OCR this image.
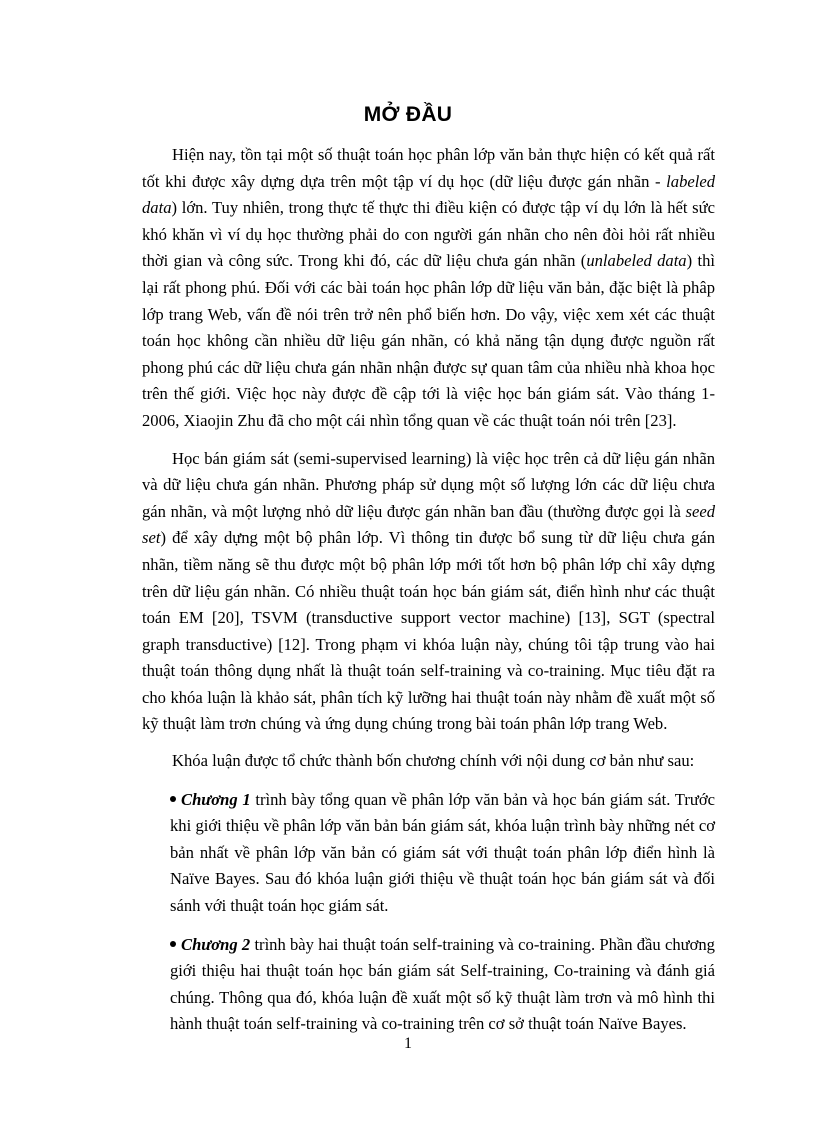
MỞ ĐẦU

Hiện nay, tồn tại một số thuật toán học phân lớp văn bản thực hiện có kết quả rất tốt khi được xây dựng dựa trên một tập ví dụ học (dữ liệu được gán nhãn - labeled data) lớn. Tuy nhiên, trong thực tế thực thi điều kiện có được tập ví dụ lớn là hết sức khó khăn vì ví dụ học thường phải do con người gán nhãn cho nên đòi hỏi rất nhiều thời gian và công sức. Trong khi đó, các dữ liệu chưa gán nhãn (unlabeled data) thì lại rất phong phú. Đối với các bài toán học phân lớp dữ liệu văn bản, đặc biệt là phâp lớp trang Web, vấn đề nói trên trở nên phổ biến hơn. Do vậy, việc xem xét các thuật toán học không cần nhiều dữ liệu gán nhãn, có khả năng tận dụng được nguồn rất phong phú các dữ liệu chưa gán nhãn nhận được sự quan tâm của nhiều nhà khoa học trên thế giới. Việc học này được đề cập tới là việc học bán giám sát. Vào tháng 1-2006, Xiaojin Zhu đã cho một cái nhìn tổng quan về các thuật toán nói trên [23].

Học bán giám sát (semi-supervised learning) là việc học trên cả dữ liệu gán nhãn và dữ liệu chưa gán nhãn. Phương pháp sử dụng một số lượng lớn các dữ liệu chưa gán nhãn, và một lượng nhỏ dữ liệu được gán nhãn ban đầu (thường được gọi là seed set) để xây dựng một bộ phân lớp. Vì thông tin được bổ sung từ dữ liệu chưa gán nhãn, tiềm năng sẽ thu được một bộ phân lớp mới tốt hơn bộ phân lớp chỉ xây dựng trên dữ liệu gán nhãn. Có nhiều thuật toán học bán giám sát, điển hình như các thuật toán EM [20], TSVM (transductive support vector machine) [13], SGT (spectral graph transductive) [12]. Trong phạm vi khóa luận này, chúng tôi tập trung vào hai thuật toán thông dụng nhất là thuật toán self-training và co-training. Mục tiêu đặt ra cho khóa luận là khảo sát, phân tích kỹ lưỡng hai thuật toán này nhằm đề xuất một số kỹ thuật làm trơn chúng và ứng dụng chúng trong bài toán phân lớp trang Web.

Khóa luận được tổ chức thành bốn chương chính với nội dung cơ bản như sau:

Chương 1 trình bày tổng quan về phân lớp văn bản và học bán giám sát. Trước khi giới thiệu về phân lớp văn bản bán giám sát, khóa luận trình bày những nét cơ bản nhất về phân lớp văn bản có giám sát với thuật toán phân lớp điển hình là Naïve Bayes. Sau đó khóa luận giới thiệu về thuật toán học bán giám sát và đối sánh với thuật toán học giám sát.
Chương 2 trình bày hai thuật toán self-training và co-training. Phần đầu chương giới thiệu hai thuật toán học bán giám sát Self-training, Co-training và đánh giá chúng. Thông qua đó, khóa luận đề xuất một số kỹ thuật làm trơn và mô hình thi hành thuật toán self-training và co-training trên cơ sở thuật toán Naïve Bayes.
1
